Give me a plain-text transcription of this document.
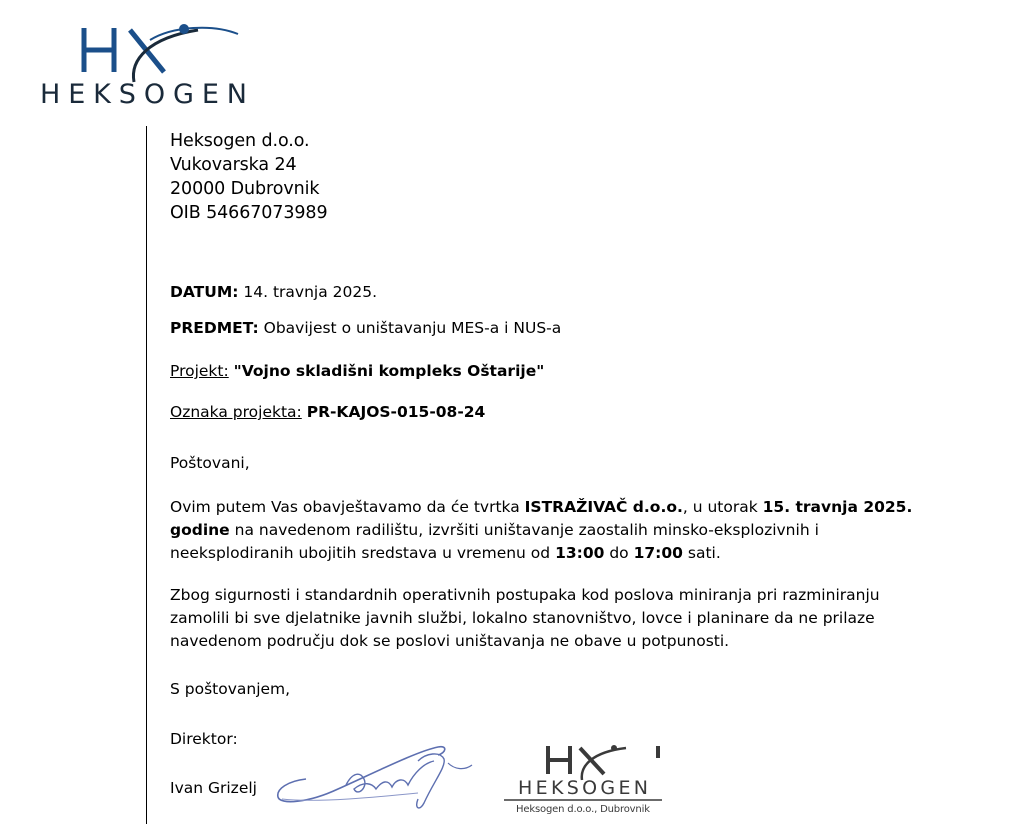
HEKSOGEN
Heksogen d.o.o.
Vukovarska 24
20000 Dubrovnik
OIB 54667073989
DATUM: 14. travnja 2025.
PREDMET: Obavijest o uništavanju MES-a i NUS-a
Projekt: "Vojno skladišni kompleks Oštarije"
Oznaka projekta: PR-KAJOS-015-08-24
Poštovani,
Ovim putem Vas obavještavamo da će tvrtka ISTRAŽIVAČ d.o.o., u utorak 15. travnja 2025.
godine na navedenom radilištu, izvršiti uništavanje zaostalih minsko-eksplozivnih i
neeksplodiranih ubojitih sredstava u vremenu od 13:00 do 17:00 sati.
Zbog sigurnosti i standardnih operativnih postupaka kod poslova miniranja pri razminiranju
zamolili bi sve djelatnike javnih službi, lokalno stanovništvo, lovce i planinare da ne prilaze
navedenom području dok se poslovi uništavanja ne obave u potpunosti.
S poštovanjem,
Direktor:
Ivan Grizelj	HEKSOGEN
Heksogen d.o.o., Dubrovnik
